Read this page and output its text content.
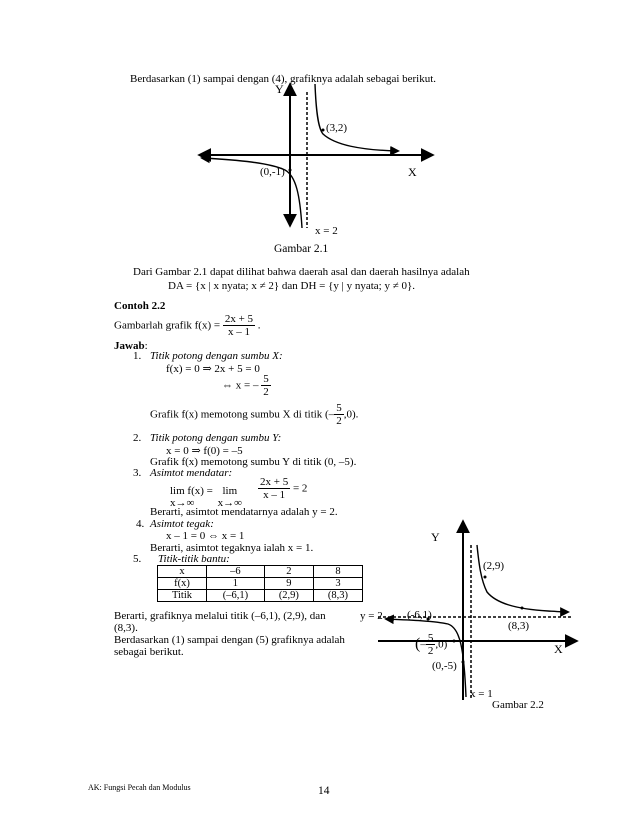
Berdasarkan (1) sampai dengan (4), grafiknya adalah sebagai berikut.
Y
X
(3,2)
(0,-1)
x = 2
Gambar 2.1
Dari Gambar 2.1 dapat dilihat bahwa daerah asal dan daerah hasilnya adalah
DA = {x | x nyata; x ≠ 2} dan DH = {y | y nyata; y ≠ 0}.
Contoh 2.2
Gambarlah grafik $f(x) = \frac{2x + 5}{x - 1}$ .
Jawab:
1. Titik potong dengan sumbu X:
f(x) = 0 ⇒ 2x + 5 = 0
⇔ x = – $\frac{5}{2}$
Grafik f(x) memotong sumbu X di titik (– $\frac{5}{2} ,0$).
2. Titik potong dengan sumbu Y:
x = 0 ⇒ f(0) = –5
Grafik f(x) memotong sumbu Y di titik (0, –5).
3. Asimtot mendatar:
lim f(x) =
x→∞

lim
x→∞
$\frac{2x + 5}{x - 1} = 2$
Berarti, asimtot mendatarnya adalah y = 2.
4. Asimtot tegak:
x – 1 = 0 ⇔ x = 1
Berarti, asimtot tegaknya ialah x = 1.
5. Titik-titik bantu:
x	–6	2	8
f(x)	1	9	3
Titik	(–6,1)	(2,9)	(8,3)
Berarti, grafiknya melalui titik (–6,1), (2,9), dan
(8,3).
Berdasarkan (1) sampai dengan (5) grafiknya adalah
sebagai berikut.
Y
X
y = 2
(2,9)
(-6,1)
(8,3)
(– $\frac{5}{2} ,0$)
(0,-5)
x = 1
Gambar 2.2
AK: Fungsi Pecah dan Modulus	14
